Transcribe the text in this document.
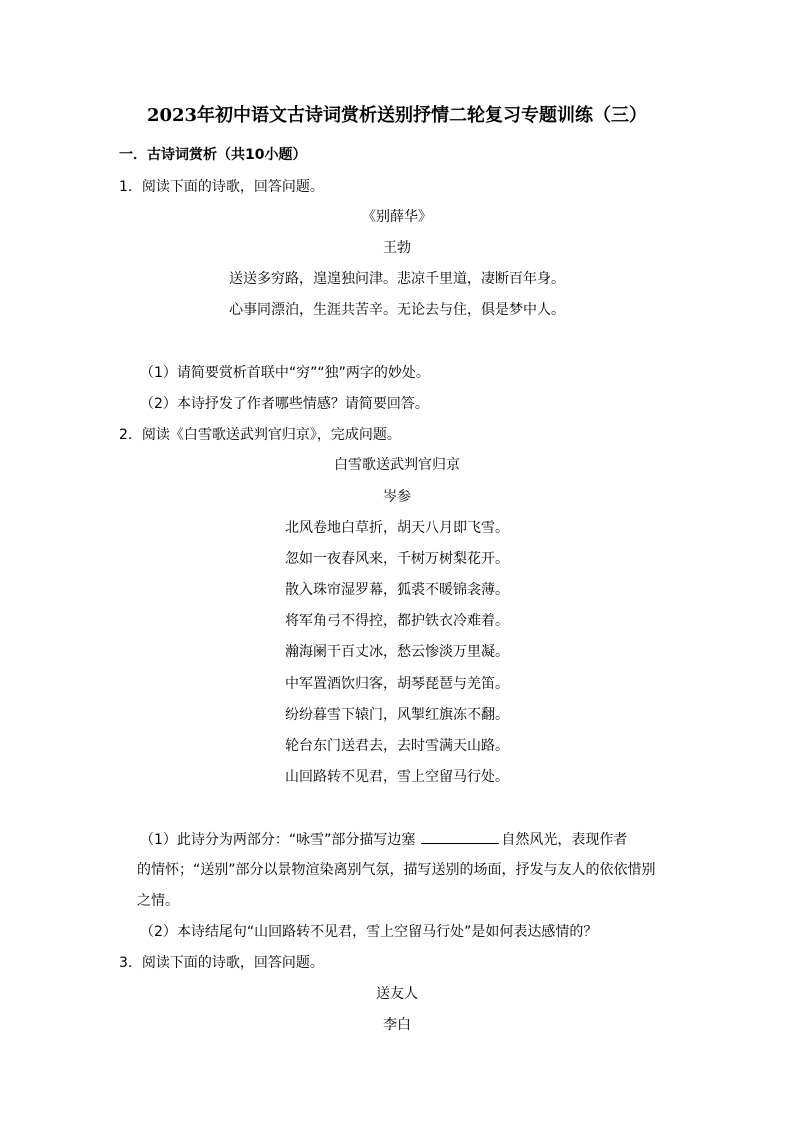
2023年初中语文古诗词赏析送别抒情二轮复习专题训练（三）
一．古诗词赏析（共10小题）
1．阅读下面的诗歌，回答问题。
《别薛华》
王勃
送送多穷路，遑遑独问津。悲凉千里道，凄断百年身。
心事同漂泊，生涯共苦辛。无论去与住，俱是梦中人。
（1）请简要赏析首联中“穷”“独”两字的妙处。
（2）本诗抒发了作者哪些情感？请简要回答。
2．阅读《白雪歌送武判官归京》，完成问题。
白雪歌送武判官归京
岑参
北风卷地白草折，胡天八月即飞雪。
忽如一夜春风来，千树万树梨花开。
散入珠帘湿罗幕，狐裘不暖锦衾薄。
将军角弓不得控，都护铁衣冷难着。
瀚海阑干百丈冰，愁云惨淡万里凝。
中军置酒饮归客，胡琴琵琶与羌笛。
纷纷暮雪下辕门，风掣红旗冻不翻。
轮台东门送君去，去时雪满天山路。
山回路转不见君，雪上空留马行处。
（1）此诗分为两部分：“咏雪”部分描写边塞	自然风光，表现作者
的情怀；“送别”部分以景物渲染离别气氛，描写送别的场面，抒发与友人的依依惜别
之情。
（2）本诗结尾句“山回路转不见君，雪上空留马行处”是如何表达感情的？
3．阅读下面的诗歌，回答问题。
送友人
李白
